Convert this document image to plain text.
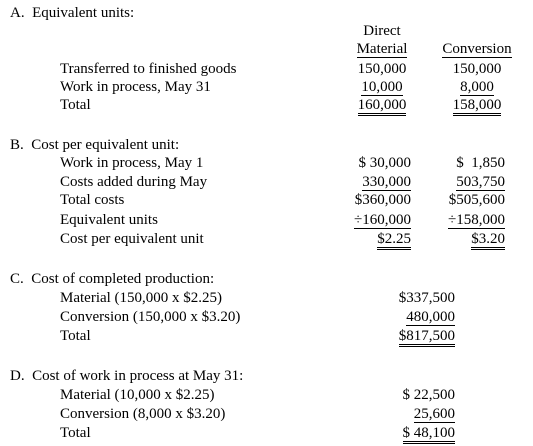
A.  Equivalent units:
Direct
Material	Conversion
Transferred to finished goods	150,000	150,000
Work in process, May 31	10,000	8,000
Total	160,000	158,000
B.  Cost per equivalent unit:
Work in process, May 1	$ 30,000	$  1,850
Costs added during May	330,000	503,750
Total costs	$360,000	$505,600
Equivalent units	÷160,000	÷158,000
Cost per equivalent unit	$2.25	$3.20
C.  Cost of completed production:
Material (150,000 x $2.25)	$337,500
Conversion (150,000 x $3.20)	480,000
Total	$817,500
D.  Cost of work in process at May 31:
Material (10,000 x $2.25)	$ 22,500
Conversion (8,000 x $3.20)	25,600
Total	$ 48,100
